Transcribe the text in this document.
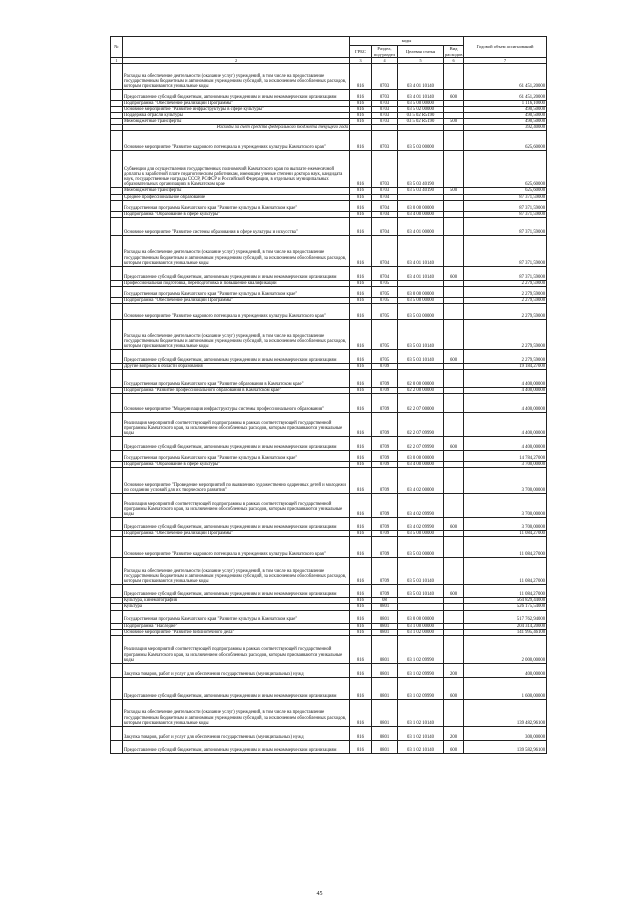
№		коды				Годовой объем ассигнований
		ГРБС	Раздел, под-раздел	Целевая статья	Вид расходов	
1	2	3	4	5	6	7
	Расходы на обеспечение деятельности (оказание услуг) учреждений, в том числе на предоставление государственным бюджетным и автономным учреждениям субсидий, за исключением обособленных расходов, которым присваиваются уникальные коды	816	0703	03 4 01 10140		61 451,20000
	Предоставление субсидий бюджетным, автономным учреждениям и иным некоммерческим организациям	816	0703	03 4 01 10140	600	61 451,20000
	Подпрограмма "Обеспечение реализации Программы"	816	0703	03 5 00 00000		1 116,10000
	Основное мероприятие "Развитие инфраструктуры в сфере культуры"	816	0703	03 5 02 00000		490,50000
	Поддержка отрасли культуры	816	0703	03 5 02 R5190		490,50000
	Межбюджетные трансферты	816	0703	03 5 02 R5190	500	490,50000
	Расходы за счет средств федерального бюджета текущего года					392,40000
	Основное мероприятие "Развитие кадрового потенциала в учреждениях культуры Камчатского края"	816	0703	03 5 03 00000		625,60000
	Субвенции для осуществления государственных полномочий Камчатского края по выплате ежемесячной доплаты к заработной плате педагогическим работникам, имеющим ученые степени доктора наук, кандидата наук, государственные награды СССР, РСФСР и Российской Федерации, в отдельных муниципальных образовательных организациях в Камчатском крае	816	0703	03 5 03 40190		625,60000
	Межбюджетные трансферты	816	0703	03 5 03 40190	500	625,60000
	Среднее профессиональное образование	816	0704			87 371,59000
	Государственная программа Камчатского края "Развитие культуры в Камчатском крае"	816	0704	03 0 00 00000		87 371,59000
	Подпрограмма "Образование в сфере культуры"	816	0704	03 4 00 00000		87 371,59000
	Основное мероприятие "Развитие системы образования в сфере культуры и искусства"	816	0704	03 4 01 00000		87 371,59000
	Расходы на обеспечение деятельности (оказание услуг) учреждений, в том числе на предоставление государственным бюджетным и автономным учреждениям субсидий, за исключением обособленных расходов, которым присваиваются уникальные коды	816	0704	03 4 01 10140		87 371,59000
	Предоставление субсидий бюджетным, автономным учреждениям и иным некоммерческим организациям	816	0704	03 4 01 10140	600	87 371,59000
	Профессиональная подготовка, переподготовка и повышение квалификации	816	0705			2 279,59000
	Государственная программа Камчатского края "Развитие культуры в Камчатском крае"	816	0705	03 0 00 00000		2 279,59000
	Подпрограмма "Обеспечение реализации Программы"	816	0705	03 5 00 00000		2 279,59000
	Основное мероприятие "Развитие кадрового потенциала в учреждениях культуры Камчатского края"	816	0705	03 5 03 00000		2 279,59000
	Расходы на обеспечение деятельности (оказание услуг) учреждений, в том числе на предоставление государственным бюджетным и автономным учреждениям субсидий, за исключением обособленных расходов, которым присваиваются уникальные коды	816	0705	03 5 03 10140		2 279,59000
	Предоставление субсидий бюджетным, автономным учреждениям и иным некоммерческим организациям	816	0705	03 5 03 10140	600	2 279,59000
	Другие вопросы в области образования	816	0709			19 184,27000
	Государственная программа Камчатского края "Развитие образования в Камчатском крае"	816	0709	02 0 00 00000		4 400,00000
	Подпрограмма "Развитие профессионального образования в Камчатском крае"	816	0709	02 2 00 00000		4 400,00000
	Основное мероприятие "Модернизация инфраструктуры системы профессионального образования"	816	0709	02 2 07 00000		4 400,00000
	Реализация мероприятий соответствующей подпрограммы в рамках соответствующей государственной программы Камчатского края, за исключением обособленных расходов, которым присваиваются уникальные коды	816	0709	02 2 07 09990		4 400,00000
	Предоставление субсидий бюджетным, автономным учреждениям и иным некоммерческим организациям	816	0709	02 2 07 09990	600	4 400,00000
	Государственная программа Камчатского края "Развитие культуры в Камчатском крае"	816	0709	03 0 00 00000		14 784,27000
	Подпрограмма "Образование в сфере культуры"	816	0709	03 4 00 00000		3 700,00000
	Основное мероприятие "Проведение мероприятий по выявлению художественно одаренных детей и молодежи по созданию условий для их творческого развития"	816	0709	03 4 02 00000		3 700,00000
	Реализация мероприятий соответствующей подпрограммы в рамках соответствующей государственной программы Камчатского края, за исключением обособленных расходов, которым присваиваются уникальные коды	816	0709	03 4 02 09990		3 700,00000
	Предоставление субсидий бюджетным, автономным учреждениям и иным некоммерческим организациям	816	0709	03 4 02 09990	600	3 700,00000
	Подпрограмма "Обеспечение реализации Программы"	816	0709	03 5 00 00000		11 084,27000
	Основное мероприятие "Развитие кадрового потенциала в учреждениях культуры Камчатского края"	816	0709	03 5 03 00000		11 084,27000
	Расходы на обеспечение деятельности (оказание услуг) учреждений, в том числе на предоставление государственным бюджетным и автономным учреждениям субсидий, за исключением обособленных расходов, которым присваиваются уникальные коды	816	0709	03 5 03 10140		11 084,27000
	Предоставление субсидий бюджетным, автономным учреждениям и иным некоммерческим организациям	816	0709	03 5 03 10140	600	11 084,27000
	Культура, кинематография	816	08			564 829,44000
	Культура	816	0801			526 175,54000
	Государственная программа Камчатского края "Развитие культуры в Камчатском крае"	816	0801	03 0 00 00000		517 762,94000
	Подпрограмма "Наследие"	816	0801	03 1 00 00000		204 314,20000
	Основное мероприятие "Развитие библиотечного дела"	816	0801	03 1 02 00000		141 995,46100
	Реализация мероприятий соответствующей подпрограммы в рамках соответствующей государственной программы Камчатского края, за исключением обособленных расходов, которым присваиваются уникальные коды	816	0801	03 1 02 09990		2 000,00000
	Закупка товаров, работ и услуг для обеспечения государственных (муниципальных) нужд	816	0801	03 1 02 09990	200	400,00000
	Предоставление субсидий бюджетным, автономным учреждениям и иным некоммерческим организациям	816	0801	03 1 02 09990	600	1 600,00000
	Расходы на обеспечение деятельности (оказание услуг) учреждений, в том числе на предоставление государственным бюджетным и автономным учреждениям субсидий, за исключением обособленных расходов, которым присваиваются уникальные коды	816	0801	03 1 02 10140		139 482,96100
	Закупка товаров, работ и услуг для обеспечения государственных (муниципальных) нужд	816	0801	03 1 02 10140	200	300,00000
	Предоставление субсидий бюджетным, автономным учреждениям и иным некоммерческим организациям	816	0801	03 1 02 10140	600	139 582,96100
45
